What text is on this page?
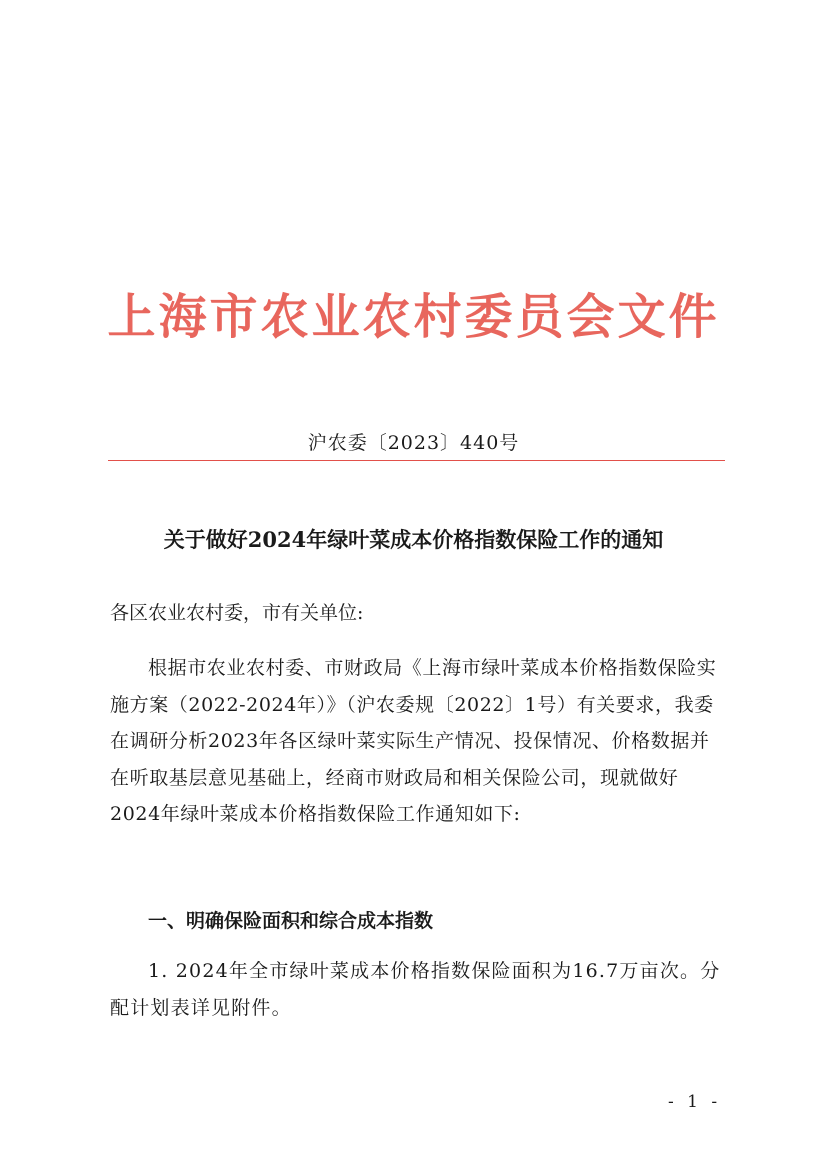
上海市农业农村委员会文件
沪农委〔2023〕440号
关于做好2024年绿叶菜成本价格指数保险工作的通知
各区农业农村委，市有关单位:
根据市农业农村委、市财政局《上海市绿叶菜成本价格指数保险实施方案（2022-2024年）》（沪农委规〔2022〕1号）有关要求，我委在调研分析2023年各区绿叶菜实际生产情况、投保情况、价格数据并在听取基层意见基础上，经商市财政局和相关保险公司，现就做好2024年绿叶菜成本价格指数保险工作通知如下:
一、明确保险面积和综合成本指数
1. 2024年全市绿叶菜成本价格指数保险面积为16.7万亩次。分配计划表详见附件。
- 1 -
